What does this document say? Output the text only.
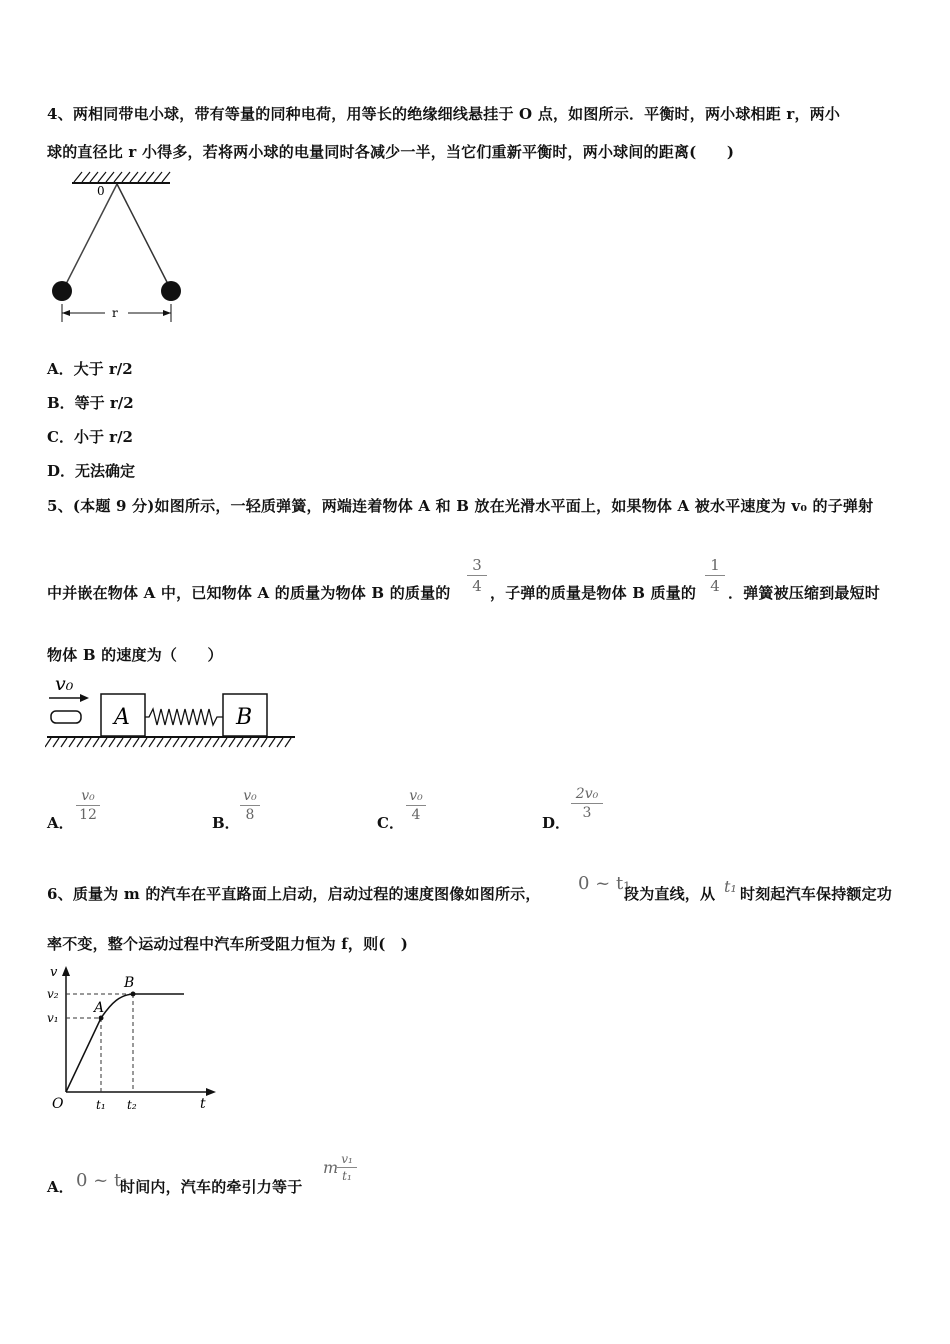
4、两相同带电小球，带有等量的同种电荷，用等长的绝缘细线悬挂于 O 点，如图所示．平衡时，两小球相距 r，两小
球的直径比 r 小得多，若将两小球的电量同时各减少一半，当它们重新平衡时，两小球间的距离(　　)
0
r
A．大于 r/2
B．等于 r/2
C．小于 r/2
D．无法确定
5、(本题 9 分)如图所示，一轻质弹簧，两端连着物体 A 和 B 放在光滑水平面上，如果物体 A 被水平速度为 v₀ 的子弹射
中并嵌在物体 A 中，已知物体 A 的质量为物体 B 的质量的 $\frac{3}{4}$ ，子弹的质量是物体 B 质量的 $\frac{1}{4}$ ．弹簧被压缩到最短时
物体 B 的速度为（　　）
v₀
A	B
A． $\frac{\text{v₀}}{12}$	B． $\frac{\text{v₀}}{8}$	C． $\frac{\text{v₀}}{4}$	D．
$\frac{\text{2v₀}}{3}$
6、质量为 m 的汽车在平直路面上启动，启动过程的速度图像如图所示， 0 ~ t₁
段为直线，从 t₁ 时刻起汽车保持额定功
率不变，整个运动过程中汽车所受阻力恒为 f，则(　)
v
t
O
v₁
v₂
t₁ t₂
A
B
A． 0 ~ t₁
时间内，汽车的牵引力等于
m
$\frac{\text{v₁}}{\text{t₁}}$
